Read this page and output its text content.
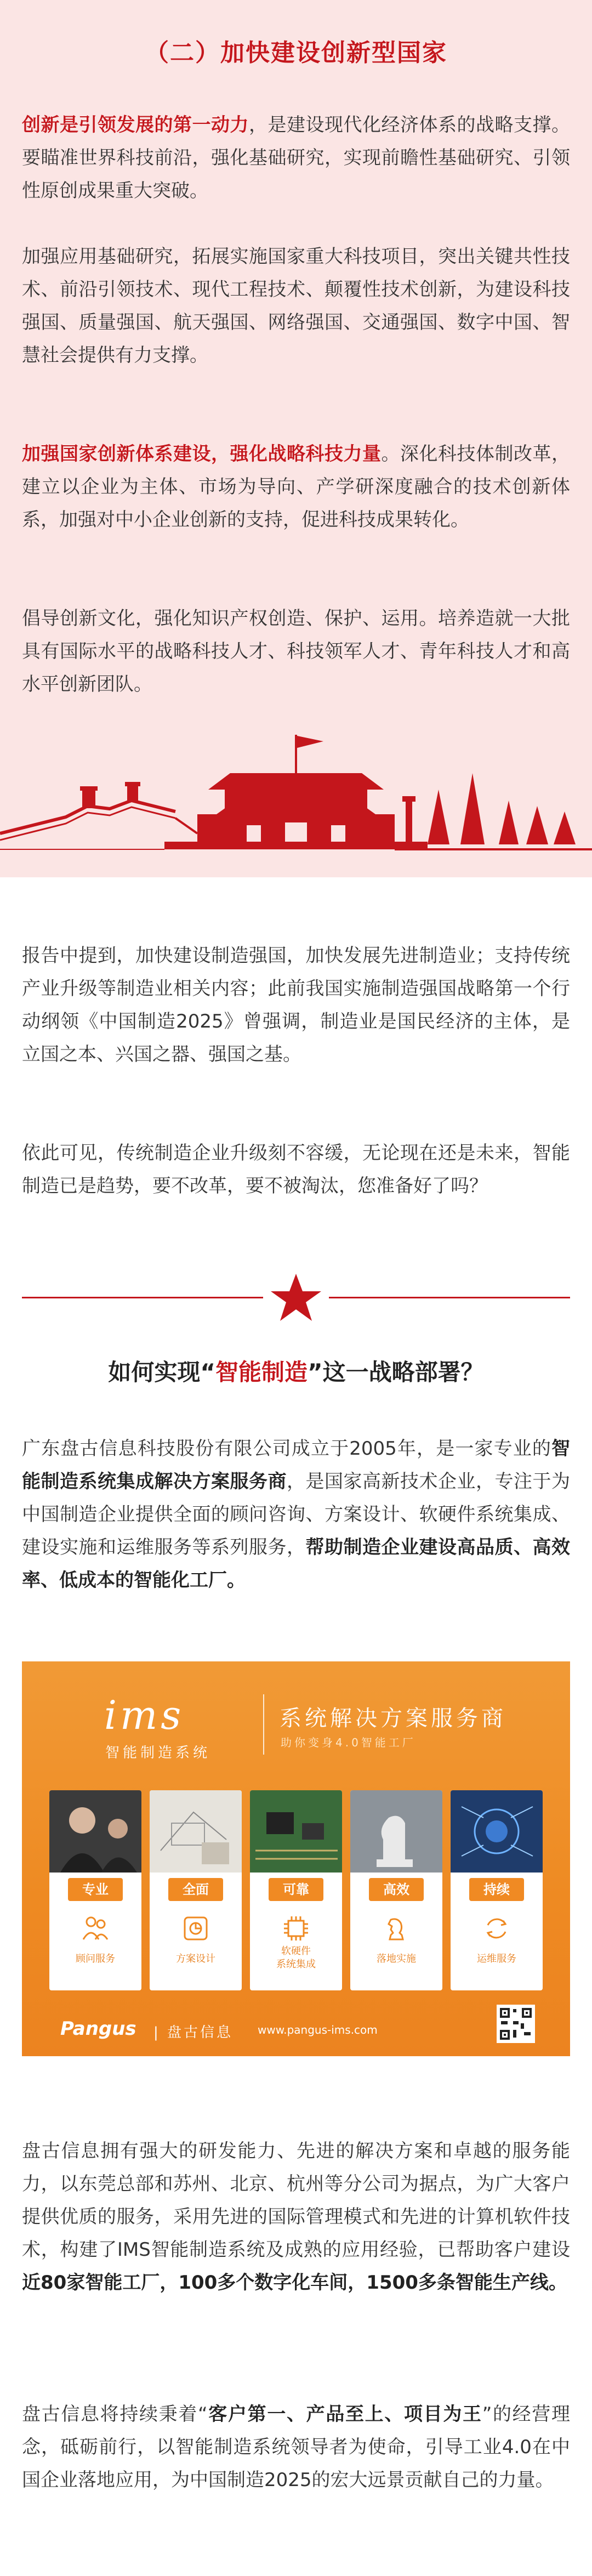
（二）加快建设创新型国家

创新是引领发展的第一动力，是建设现代化经济体系的战略支撑。要瞄准世界科技前沿，强化基础研究，实现前瞻性基础研究、引领性原创成果重大突破。

加强应用基础研究，拓展实施国家重大科技项目，突出关键共性技术、前沿引领技术、现代工程技术、颠覆性技术创新，为建设科技强国、质量强国、航天强国、网络强国、交通强国、数字中国、智慧社会提供有力支撑。

加强国家创新体系建设，强化战略科技力量。深化科技体制改革，建立以企业为主体、市场为导向、产学研深度融合的技术创新体系，加强对中小企业创新的支持，促进科技成果转化。

倡导创新文化，强化知识产权创造、保护、运用。培养造就一大批具有国际水平的战略科技人才、科技领军人才、青年科技人才和高水平创新团队。

报告中提到，加快建设制造强国，加快发展先进制造业；支持传统产业升级等制造业相关内容；此前我国实施制造强国战略第一个行动纲领《中国制造2025》曾强调，制造业是国民经济的主体，是立国之本、兴国之器、强国之基。

依此可见，传统制造企业升级刻不容缓，无论现在还是未来，智能制造已是趋势，要不改革，要不被淘汰，您准备好了吗？

如何实现“智能制造”这一战略部署？

广东盘古信息科技股份有限公司成立于2005年，是一家专业的智能制造系统集成解决方案服务商，是国家高新技术企业，专注于为中国制造企业提供全面的顾问咨询、方案设计、软硬件系统集成、建设实施和运维服务等系列服务，帮助制造企业建设高品质、高效率、低成本的智能化工厂。

ims
智能制造系统
系统解决方案服务商
助你变身4.0智能工厂
专业
顾问服务
全面
方案设计
可靠
软硬件
系统集成
高效
落地实施
持续
运维服务
Pangus | 盘古信息 www.pangus-ims.com

盘古信息拥有强大的研发能力、先进的解决方案和卓越的服务能力，以东莞总部和苏州、北京、杭州等分公司为据点，为广大客户提供优质的服务，采用先进的国际管理模式和先进的计算机软件技术，构建了IMS智能制造系统及成熟的应用经验，已帮助客户建设近80家智能工厂，100多个数字化车间，1500多条智能生产线。

盘古信息将持续秉着“客户第一、产品至上、项目为王”的经营理念，砥砺前行，以智能制造系统领导者为使命，引导工业4.0在中国企业落地应用，为中国制造2025的宏大远景贡献自己的力量。
